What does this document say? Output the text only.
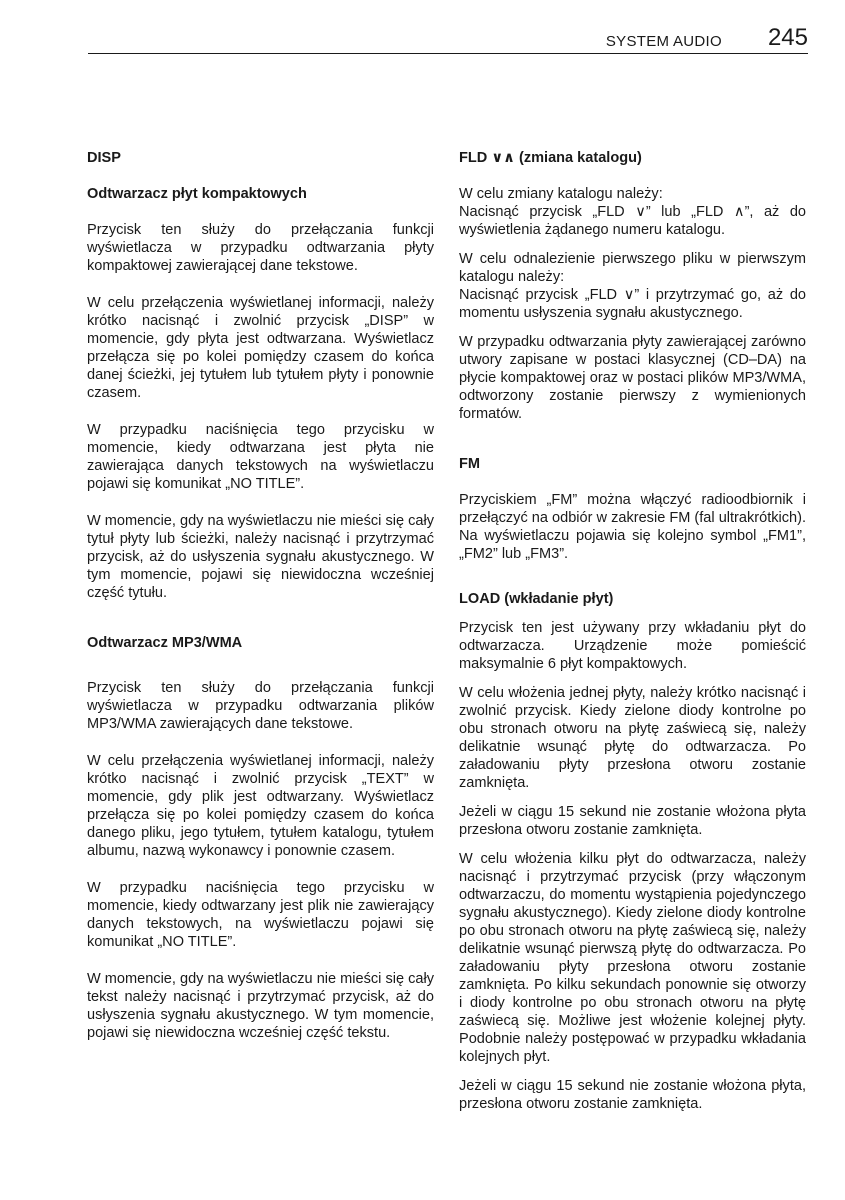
SYSTEM AUDIO 245

DISP

Odtwarzacz płyt kompaktowych

Przycisk ten służy do przełączania funkcji wyświetlacza w przypadku odtwarzania płyty kompaktowej zawierającej dane tekstowe.

W celu przełączenia wyświetlanej informacji, należy krótko nacisnąć i zwolnić przycisk „DISP” w momencie, gdy płyta jest odtwarzana. Wyświetlacz przełącza się po kolei pomiędzy czasem do końca danej ścieżki, jej tytułem lub tytułem płyty i ponownie czasem.

W przypadku naciśnięcia tego przycisku w momencie, kiedy odtwarzana jest płyta nie zawierająca danych tekstowych na wyświetlaczu pojawi się komunikat „NO TITLE”.

W momencie, gdy na wyświetlaczu nie mieści się cały tytuł płyty lub ścieżki, należy nacisnąć i przytrzymać przycisk, aż do usłyszenia sygnału akustycznego. W tym momencie, pojawi się niewidoczna wcześniej część tytułu.

Odtwarzacz MP3/WMA

Przycisk ten służy do przełączania funkcji wyświetlacza w przypadku odtwarzania plików MP3/WMA zawierających dane tekstowe.

W celu przełączenia wyświetlanej informacji, należy krótko nacisnąć i zwolnić przycisk „TEXT” w momencie, gdy plik jest odtwarzany. Wyświetlacz przełącza się po kolei pomiędzy czasem do końca danego pliku, jego tytułem, tytułem katalogu, tytułem albumu, nazwą wykonawcy i ponownie czasem.

W przypadku naciśnięcia tego przycisku w momencie, kiedy odtwarzany jest plik nie zawierający danych tekstowych, na wyświetlaczu pojawi się komunikat „NO TITLE”.

W momencie, gdy na wyświetlaczu nie mieści się cały tekst należy nacisnąć i przytrzymać przycisk, aż do usłyszenia sygnału akustycznego. W tym momencie, pojawi się niewidoczna wcześniej część tekstu.

FLD ∨∧ (zmiana katalogu)

W celu zmiany katalogu należy:
Nacisnąć przycisk „FLD ∨” lub „FLD ∧”, aż do wyświetlenia żądanego numeru katalogu.

W celu odnalezienie pierwszego pliku w pierwszym katalogu należy:
Nacisnąć przycisk „FLD ∨” i przytrzymać go, aż do momentu usłyszenia sygnału akustycznego.

W przypadku odtwarzania płyty zawierającej zarówno utwory zapisane w postaci klasycznej (CD–DA) na płycie kompaktowej oraz w postaci plików MP3/WMA, odtworzony zostanie pierwszy z wymienionych formatów.

FM

Przyciskiem „FM” można włączyć radioodbiornik i przełączyć na odbiór w zakresie FM (fal ultrakrótkich). Na wyświetlaczu pojawia się kolejno symbol „FM1”, „FM2” lub „FM3”.

LOAD (wkładanie płyt)

Przycisk ten jest używany przy wkładaniu płyt do odtwarzacza. Urządzenie może pomieścić maksymalnie 6 płyt kompaktowych.

W celu włożenia jednej płyty, należy krótko nacisnąć i zwolnić przycisk. Kiedy zielone diody kontrolne po obu stronach otworu na płytę zaświecą się, należy delikatnie wsunąć płytę do odtwarzacza. Po załadowaniu płyty przesłona otworu zostanie zamknięta.

Jeżeli w ciągu 15 sekund nie zostanie włożona płyta przesłona otworu zostanie zamknięta.

W celu włożenia kilku płyt do odtwarzacza, należy nacisnąć i przytrzymać przycisk (przy włączonym odtwarzaczu, do momentu wystąpienia pojedynczego sygnału akustycznego). Kiedy zielone diody kontrolne po obu stronach otworu na płytę zaświecą się, należy delikatnie wsunąć pierwszą płytę do odtwarzacza. Po załadowaniu płyty przesłona otworu zostanie zamknięta. Po kilku sekundach ponownie się otworzy i diody kontrolne po obu stronach otworu na płytę zaświecą się. Możliwe jest włożenie kolejnej płyty. Podobnie należy postępować w przypadku wkładania kolejnych płyt.

Jeżeli w ciągu 15 sekund nie zostanie włożona płyta, przesłona otworu zostanie zamknięta.
